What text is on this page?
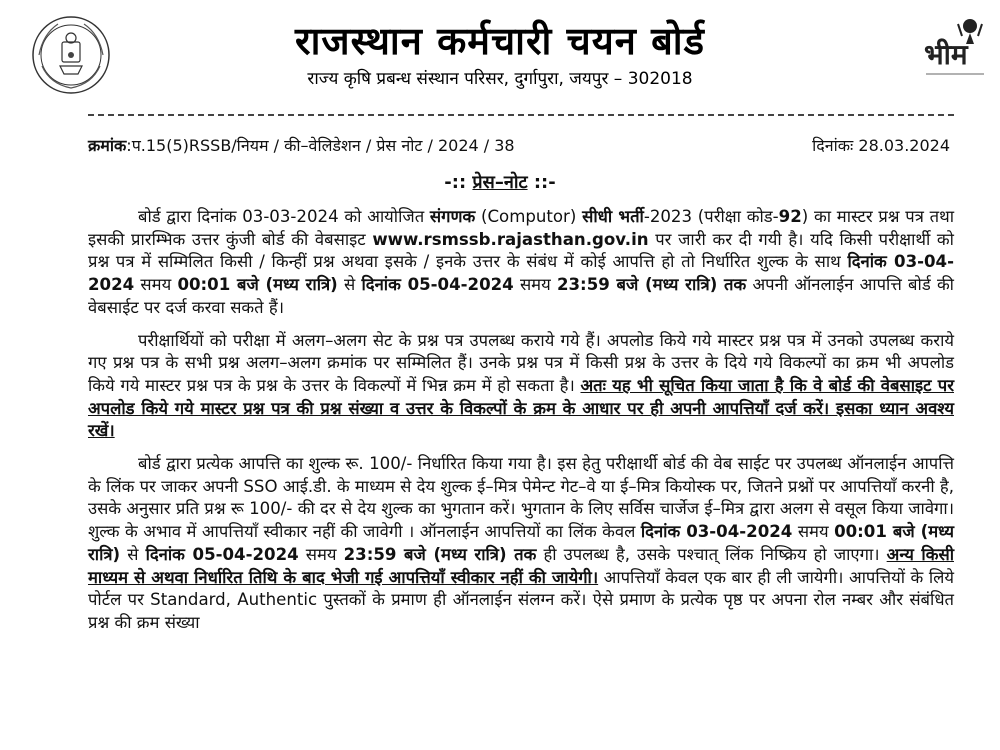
राजस्थान कर्मचारी चयन बोर्ड
राज्य कृषि प्रबन्ध संस्थान परिसर, दुर्गापुरा, जयपुर – 302018
भीम
क्रमांक:प.15(5)RSSB/नियम / की–वेलिडेशन / प्रेस नोट / 2024 / 38	दिनांकः 28.03.2024
-:: प्रेस–नोट ::-

बोर्ड द्वारा दिनांक 03-03-2024 को आयोजित संगणक (Computor) सीधी भर्ती-2023 (परीक्षा कोड-92) का मास्टर प्रश्न पत्र तथा इसकी प्रारम्भिक उत्तर कुंजी बोर्ड की वेबसाइट www.rsmssb.rajasthan.gov.in पर जारी कर दी गयी है। यदि किसी परीक्षार्थी को प्रश्न पत्र में सम्मिलित किसी / किन्हीं प्रश्न अथवा इसके / इनके उत्तर के संबंध में कोई आपत्ति हो तो निर्धारित शुल्क के साथ दिनांक 03-04-2024 समय 00:01 बजे (मध्य रात्रि) से दिनांक 05-04-2024 समय 23:59 बजे (मध्य रात्रि) तक अपनी ऑनलाईन आपत्ति बोर्ड की वेबसाईट पर दर्ज करवा सकते हैं।

परीक्षार्थियों को परीक्षा में अलग–अलग सेट के प्रश्न पत्र उपलब्ध कराये गये हैं। अपलोड किये गये मास्टर प्रश्न पत्र में उनको उपलब्ध कराये गए प्रश्न पत्र के सभी प्रश्न अलग–अलग क्रमांक पर सम्मिलित हैं। उनके प्रश्न पत्र में किसी प्रश्न के उत्तर के दिये गये विकल्पों का क्रम भी अपलोड किये गये मास्टर प्रश्न पत्र के प्रश्न के उत्तर के विकल्पों में भिन्न क्रम में हो सकता है। अतः यह भी सूचित किया जाता है कि वे बोर्ड की वेबसाइट पर अपलोड किये गये मास्टर प्रश्न पत्र की प्रश्न संख्या व उत्तर के विकल्पों के क्रम के आधार पर ही अपनी आपत्तियाँ दर्ज करें। इसका ध्यान अवश्य रखें।

बोर्ड द्वारा प्रत्येक आपत्ति का शुल्क रू. 100/- निर्धारित किया गया है। इस हेतु परीक्षार्थी बोर्ड की वेब साईट पर उपलब्ध ऑनलाईन आपत्ति के लिंक पर जाकर अपनी SSO आई.डी. के माध्यम से देय शुल्क ई–मित्र पेमेन्ट गेट–वे या ई–मित्र कियोस्क पर, जितने प्रश्नों पर आपत्तियाँ करनी है, उसके अनुसार प्रति प्रश्न रू 100/- की दर से देय शुल्क का भुगतान करें। भुगतान के लिए सर्विस चार्जेज ई–मित्र द्वारा अलग से वसूल किया जावेगा। शुल्क के अभाव में आपत्तियाँ स्वीकार नहीं की जावेगी । ऑनलाईन आपत्तियों का लिंक केवल दिनांक 03-04-2024 समय 00:01 बजे (मध्य रात्रि) से दिनांक 05-04-2024 समय 23:59 बजे (मध्य रात्रि) तक ही उपलब्ध है, उसके पश्चात् लिंक निष्क्रिय हो जाएगा। अन्य किसी माध्यम से अथवा निर्धारित तिथि के बाद भेजी गई आपत्तियाँ स्वीकार नहीं की जायेगी। आपत्तियाँ केवल एक बार ही ली जायेगी। आपत्तियों के लिये पोर्टल पर Standard, Authentic पुस्तकों के प्रमाण ही ऑनलाईन संलग्न करें। ऐसे प्रमाण के प्रत्येक पृष्ठ पर अपना रोल नम्बर और संबंधित प्रश्न की क्रम संख्या
